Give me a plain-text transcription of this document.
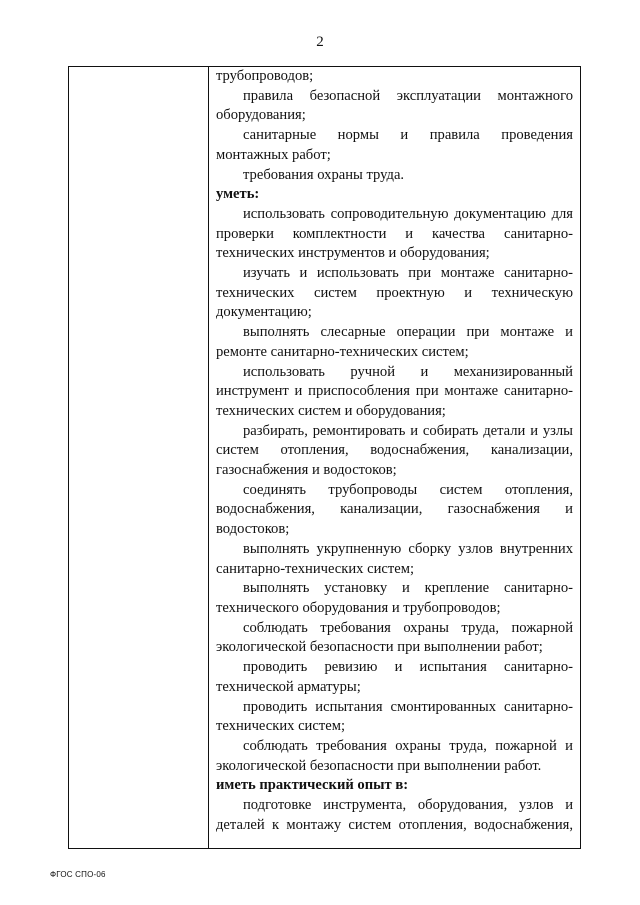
2

трубопроводов;

правила безопасной эксплуатации монтажного оборудования;

санитарные нормы и правила проведения монтажных работ;

требования охраны труда.

уметь:

использовать сопроводительную документацию для проверки комплектности и качества санитарно-технических инструментов и оборудования;

изучать и использовать при монтаже санитарно-технических систем проектную и техническую документацию;

выполнять слесарные операции при монтаже и ремонте санитарно-технических систем;

использовать ручной и механизированный инструмент и приспособления при монтаже санитарно-технических систем и оборудования;

разбирать, ремонтировать и собирать детали и узлы систем отопления, водоснабжения, канализации, газоснабжения и водостоков;

соединять трубопроводы систем отопления, водоснабжения, канализации, газоснабжения и водостоков;

выполнять укрупненную сборку узлов внутренних санитарно-технических систем;

выполнять установку и крепление санитарно-технического оборудования и трубопроводов;

соблюдать требования охраны труда, пожарной экологической безопасности при выполнении работ;

проводить ревизию и испытания санитарно-технической арматуры;

проводить испытания смонтированных санитарно-технических систем;

соблюдать требования охраны труда, пожарной и экологической безопасности при выполнении работ.

иметь практический опыт в:

подготовке инструмента, оборудования, узлов и деталей к монтажу систем отопления, водоснабжения,

ФГОС СПО-06
